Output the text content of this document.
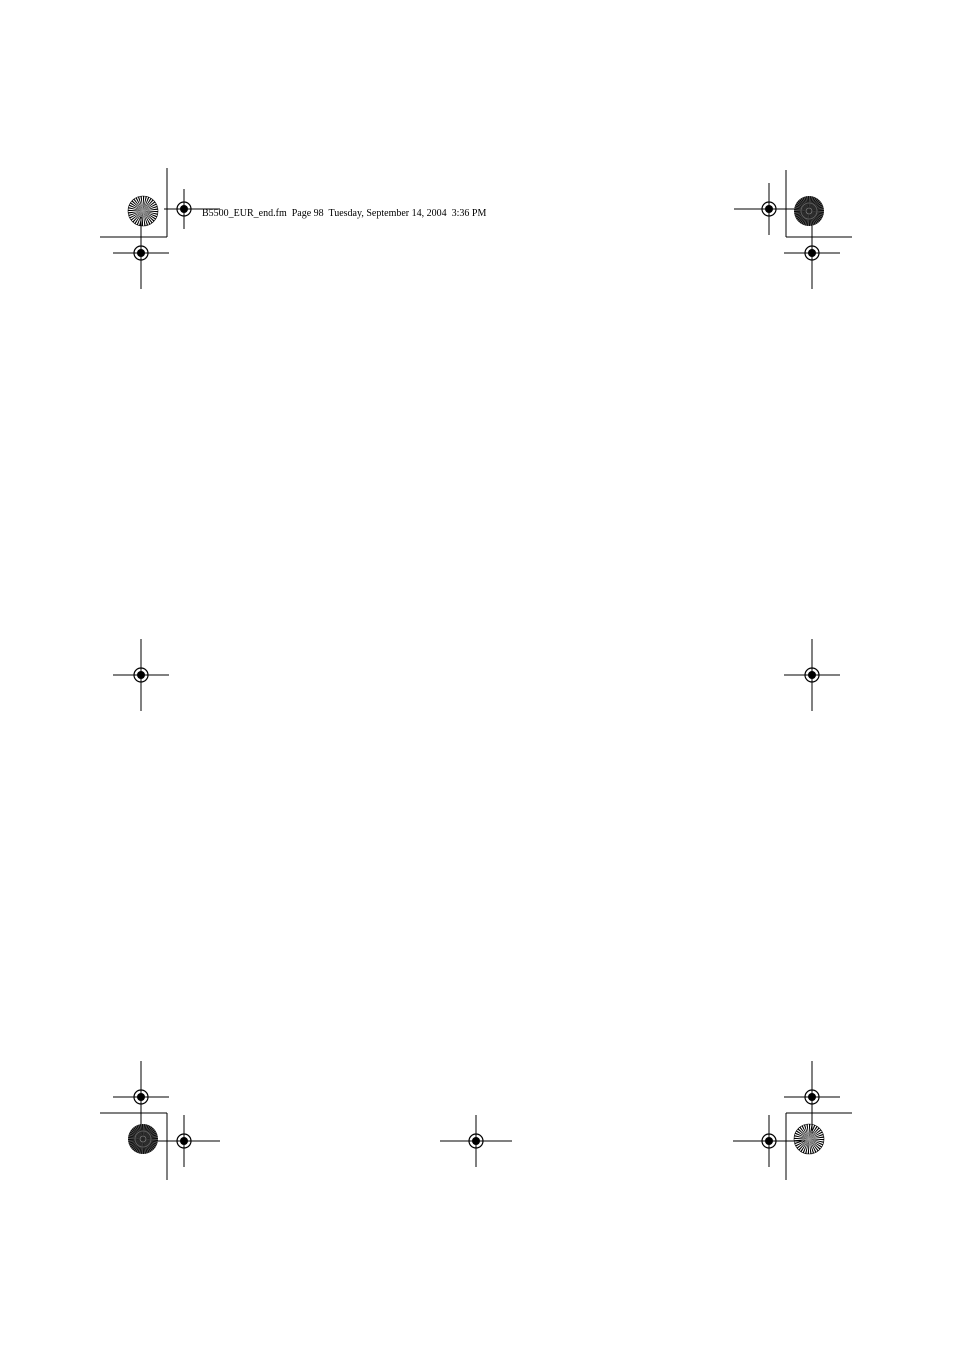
B5500_EUR_end.fm  Page 98  Tuesday, September 14, 2004  3:36 PM
